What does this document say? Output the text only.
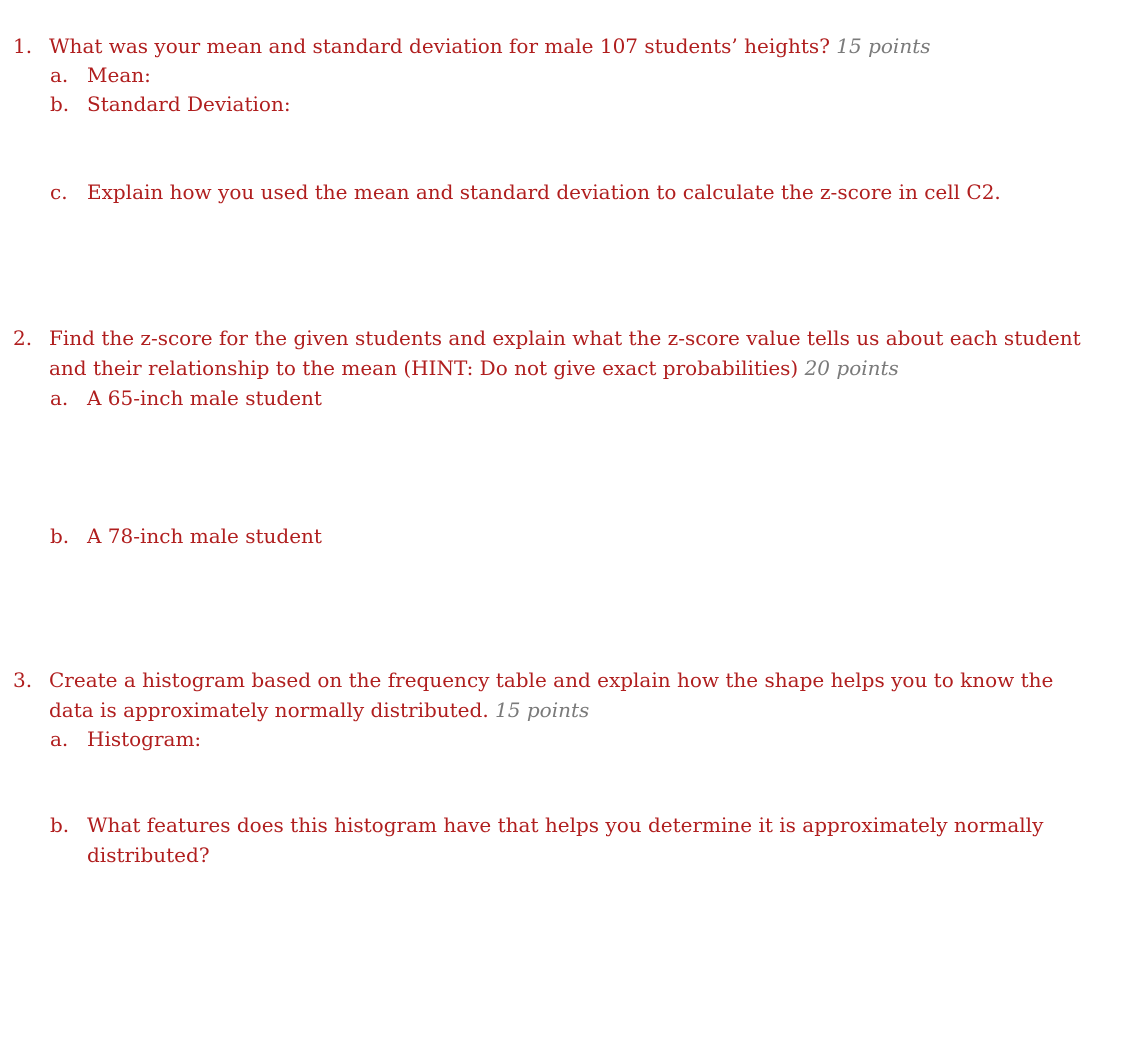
1. What was your mean and standard deviation for male 107 students’ heights? 15 points
a. Mean:
b. Standard Deviation:
c. Explain how you used the mean and standard deviation to calculate the z-score in cell C2.
2. Find the z-score for the given students and explain what the z-score value tells us about each student
and their relationship to the mean (HINT: Do not give exact probabilities) 20 points
a. A 65-inch male student
b. A 78-inch male student
3. Create a histogram based on the frequency table and explain how the shape helps you to know the
data is approximately normally distributed. 15 points
a. Histogram:
b. What features does this histogram have that helps you determine it is approximately normally
distributed?
